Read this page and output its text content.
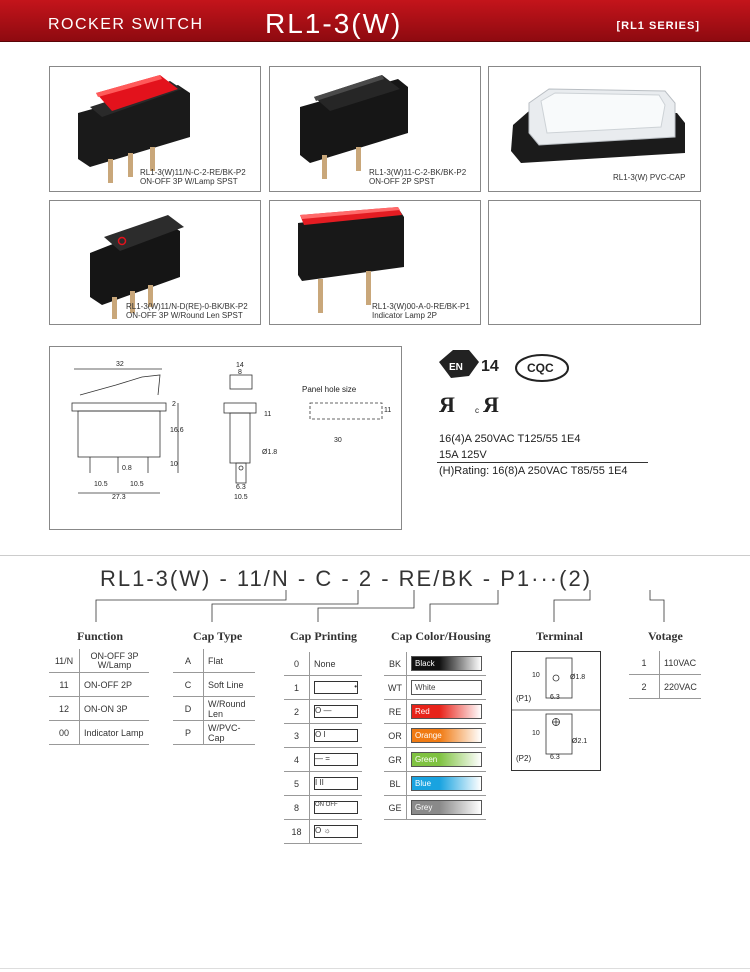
ROCKER SWITCH RL1-3(W)	[RL1 SERIES]
RL1-3(W)11/N-C-2-RE/BK-P2
ON-OFF 3P W/Lamp SPST
RL1-3(W)11-C-2-BK/BK-P2
ON-OFF 2P SPST	RL1-3(W) PVC-CAP
RL1-3(W)11/N-D(RE)-0-BK/BK-P2
ON-OFF 3P W/Round Len SPST
RL1-3(W)00-A-0-RE/BK-P1
Indicator Lamp 2P
32
2
16.6
10
10.5
0.8
10.5
27.3
14
8
11
Ø1.8
6.3
10.5
Panel hole size
30
11
EN
Я Я
14 CQC
c
16(4)A 250VAC T125/55 1E4
15A 125V
(H)Rating: 16(8)A 250VAC T85/55 1E4
RL1-3(W) - 11/N - C - 2 - RE/BK - P1···(2)
Function
11/N	ON-OFF 3P
W/Lamp
11	ON-OFF 2P
12	ON-ON 3P
00	Indicator Lamp
Cap Type
A	Flat
C	Soft Line
D	W/Round Len
P	W/PVC-Cap
Cap Printing
0	None
1	•
2	O —
3	O I
4	— =
5	I II
8	ON OFF
18	O ☼
Cap Color/Housing
BK	Black
WT	White
RE	Red
OR	Orange
GR	Green
BL	Blue
GE	Grey
Terminal
Ø1.8
(P1)	6.3
10
Ø2.1
(P2)	6.3
10
Votage
1	110VAC
2	220VAC
